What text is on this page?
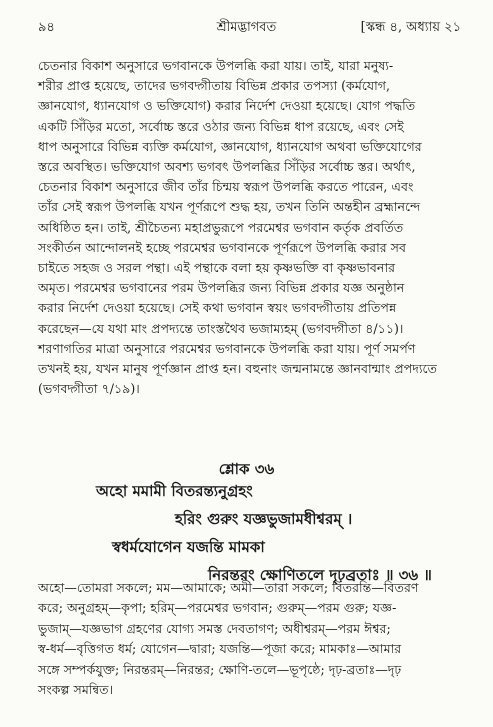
৯৪	শ্রীমদ্ভাগবত	[স্কন্ধ ৪, অধ্যায় ২১
চেতনার বিকাশ অনুসারে ভগবানকে উপলব্ধি করা যায়। তাই, যারা মনুষ্য-
শরীর প্রাপ্ত হয়েছে, তাদের ভগবদ্গীতায় বিভিন্ন প্রকার তপস্যা (কর্মযোগ,
জ্ঞানযোগ, ধ্যানযোগ ও ভক্তিযোগ) করার নির্দেশ দেওয়া হয়েছে। যোগ পদ্ধতি
একটি সিঁড়ির মতো, সর্বোচ্চ স্তরে ওঠার জন্য বিভিন্ন ধাপ রয়েছে, এবং সেই
ধাপ অনুসারে বিভিন্ন ব্যক্তি কর্মযোগ, জ্ঞানযোগ, ধ্যানযোগ অথবা ভক্তিযোগের
স্তরে অবস্থিত। ভক্তিযোগ অবশ্য ভগবৎ উপলব্ধির সিঁড়ির সর্বোচ্চ স্তর। অর্থাৎ,
চেতনার বিকাশ অনুসারে জীব তাঁর চিন্ময় স্বরূপ উপলব্ধি করতে পারেন, এবং
তাঁর সেই স্বরূপ উপলব্ধি যখন পূর্ণরূপে শুদ্ধ হয়, তখন তিনি অন্তহীন ব্রহ্মানন্দে
অধিষ্ঠিত হন। তাই, শ্রীচৈতন্য মহাপ্রভুরূপে পরমেশ্বর ভগবান কর্তৃক প্রবর্তিত
সংকীর্তন আন্দোলনই হচ্ছে পরমেশ্বর ভগবানকে পূর্ণরূপে উপলব্ধি করার সব
চাইতে সহজ ও সরল পন্থা। এই পন্থাকে বলা হয় কৃষ্ণভক্তি বা কৃষ্ণভাবনার
অমৃত। পরমেশ্বর ভগবানের পরম উপলব্ধির জন্য বিভিন্ন প্রকার যজ্ঞ অনুষ্ঠান
করার নির্দেশ দেওয়া হয়েছে। সেই কথা ভগবান স্বয়ং ভগবদ্গীতায় প্রতিপন্ন
করেছেন—যে যথা মাং প্রপদ্যন্তে তাংস্তথৈব ভজাম্যহম্ (ভগবদ্গীতা ৪/১১)।
শরণাগতির মাত্রা অনুসারে পরমেশ্বর ভগবানকে উপলব্ধি করা যায়। পূর্ণ সমর্পণ
তখনই হয়, যখন মানুষ পূর্ণজ্ঞান প্রাপ্ত হন। বহুনাং জন্মনামন্তে জ্ঞানবান্মাং প্রপদ্যতে
(ভগবদ্গীতা ৭/১৯)।

শ্লোক ৩৬

অহো মমামী বিতরন্ত্যনুগ্রহং
হরিং গুরুং যজ্ঞভুজামধীশ্বরম্ ।
স্বধর্মযোগেন যজন্তি মামকা
নিরন্তরং ক্ষোণিতলে দৃঢ়ব্রতাঃ ॥ ৩৬ ॥
অহো—তোমরা সকলে; মম—আমাকে; অমী—তারা সকলে; বিতরন্তি—বিতরণ
করে; অনুগ্রহম্—কৃপা; হরিম্—পরমেশ্বর ভগবান; গুরুম্—পরম গুরু; যজ্ঞ-
ভুজাম্—যজ্ঞভাগ গ্রহণের যোগ্য সমস্ত দেবতাগণ; অধীশ্বরম্—পরম ঈশ্বর;
স্ব-ধর্ম—বৃত্তিগত ধর্ম; যোগেন—দ্বারা; যজন্তি—পূজা করে; মামকাঃ—আমার
সঙ্গে সম্পর্কযুক্ত; নিরন্তরম্—নিরন্তর; ক্ষোণি-তলে—ভূপৃষ্ঠে; দৃঢ়-ব্রতাঃ—দৃঢ়
সংকল্প সমন্বিত।
